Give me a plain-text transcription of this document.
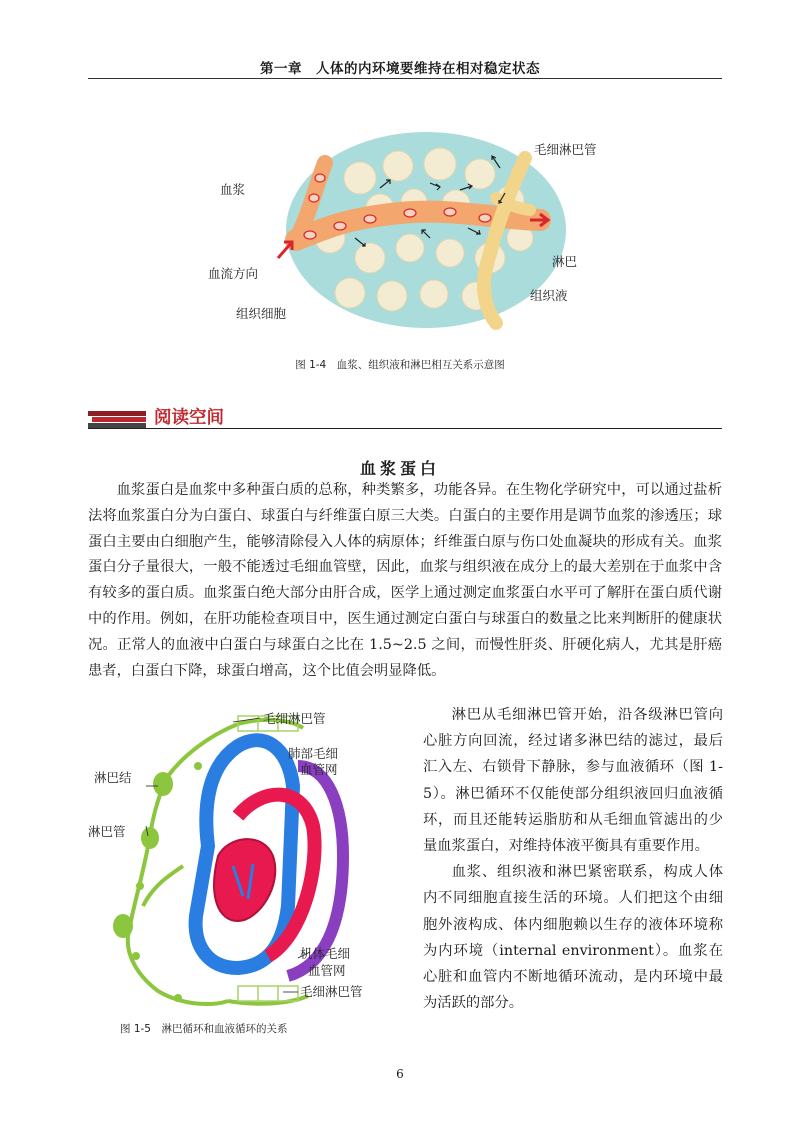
第一章　人体的内环境要维持在相对稳定状态
血浆
血流方向
组织细胞
毛细淋巴管
淋巴
组织液
图 1-4　血浆、组织液和淋巴相互关系示意图
阅读空间
血浆蛋白

血浆蛋白是血浆中多种蛋白质的总称，种类繁多，功能各异。在生物化学研究中，可以通过盐析法将血浆蛋白分为白蛋白、球蛋白与纤维蛋白原三大类。白蛋白的主要作用是调节血浆的渗透压；球蛋白主要由白细胞产生，能够清除侵入人体的病原体；纤维蛋白原与伤口处血凝块的形成有关。血浆蛋白分子量很大，一般不能透过毛细血管壁，因此，血浆与组织液在成分上的最大差别在于血浆中含有较多的蛋白质。血浆蛋白绝大部分由肝合成，医学上通过测定血浆蛋白水平可了解肝在蛋白质代谢中的作用。例如，在肝功能检查项目中，医生通过测定白蛋白与球蛋白的数量之比来判断肝的健康状况。正常人的血液中白蛋白与球蛋白之比在 1.5~2.5 之间，而慢性肝炎、肝硬化病人，尤其是肝癌患者，白蛋白下降，球蛋白增高，这个比值会明显降低。

毛细淋巴管
肺部毛细
血管网
淋巴结
淋巴管
机体毛细
血管网
毛细淋巴管
图 1-5　淋巴循环和血液循环的关系

淋巴从毛细淋巴管开始，沿各级淋巴管向心脏方向回流，经过诸多淋巴结的滤过，最后汇入左、右锁骨下静脉，参与血液循环（图 1-5）。淋巴循环不仅能使部分组织液回归血液循环，而且还能转运脂肪和从毛细血管滤出的少量血浆蛋白，对维持体液平衡具有重要作用。

血浆、组织液和淋巴紧密联系，构成人体内不同细胞直接生活的环境。人们把这个由细胞外液构成、体内细胞赖以生存的液体环境称为内环境（internal environment）。血浆在心脏和血管内不断地循环流动，是内环境中最为活跃的部分。

6
